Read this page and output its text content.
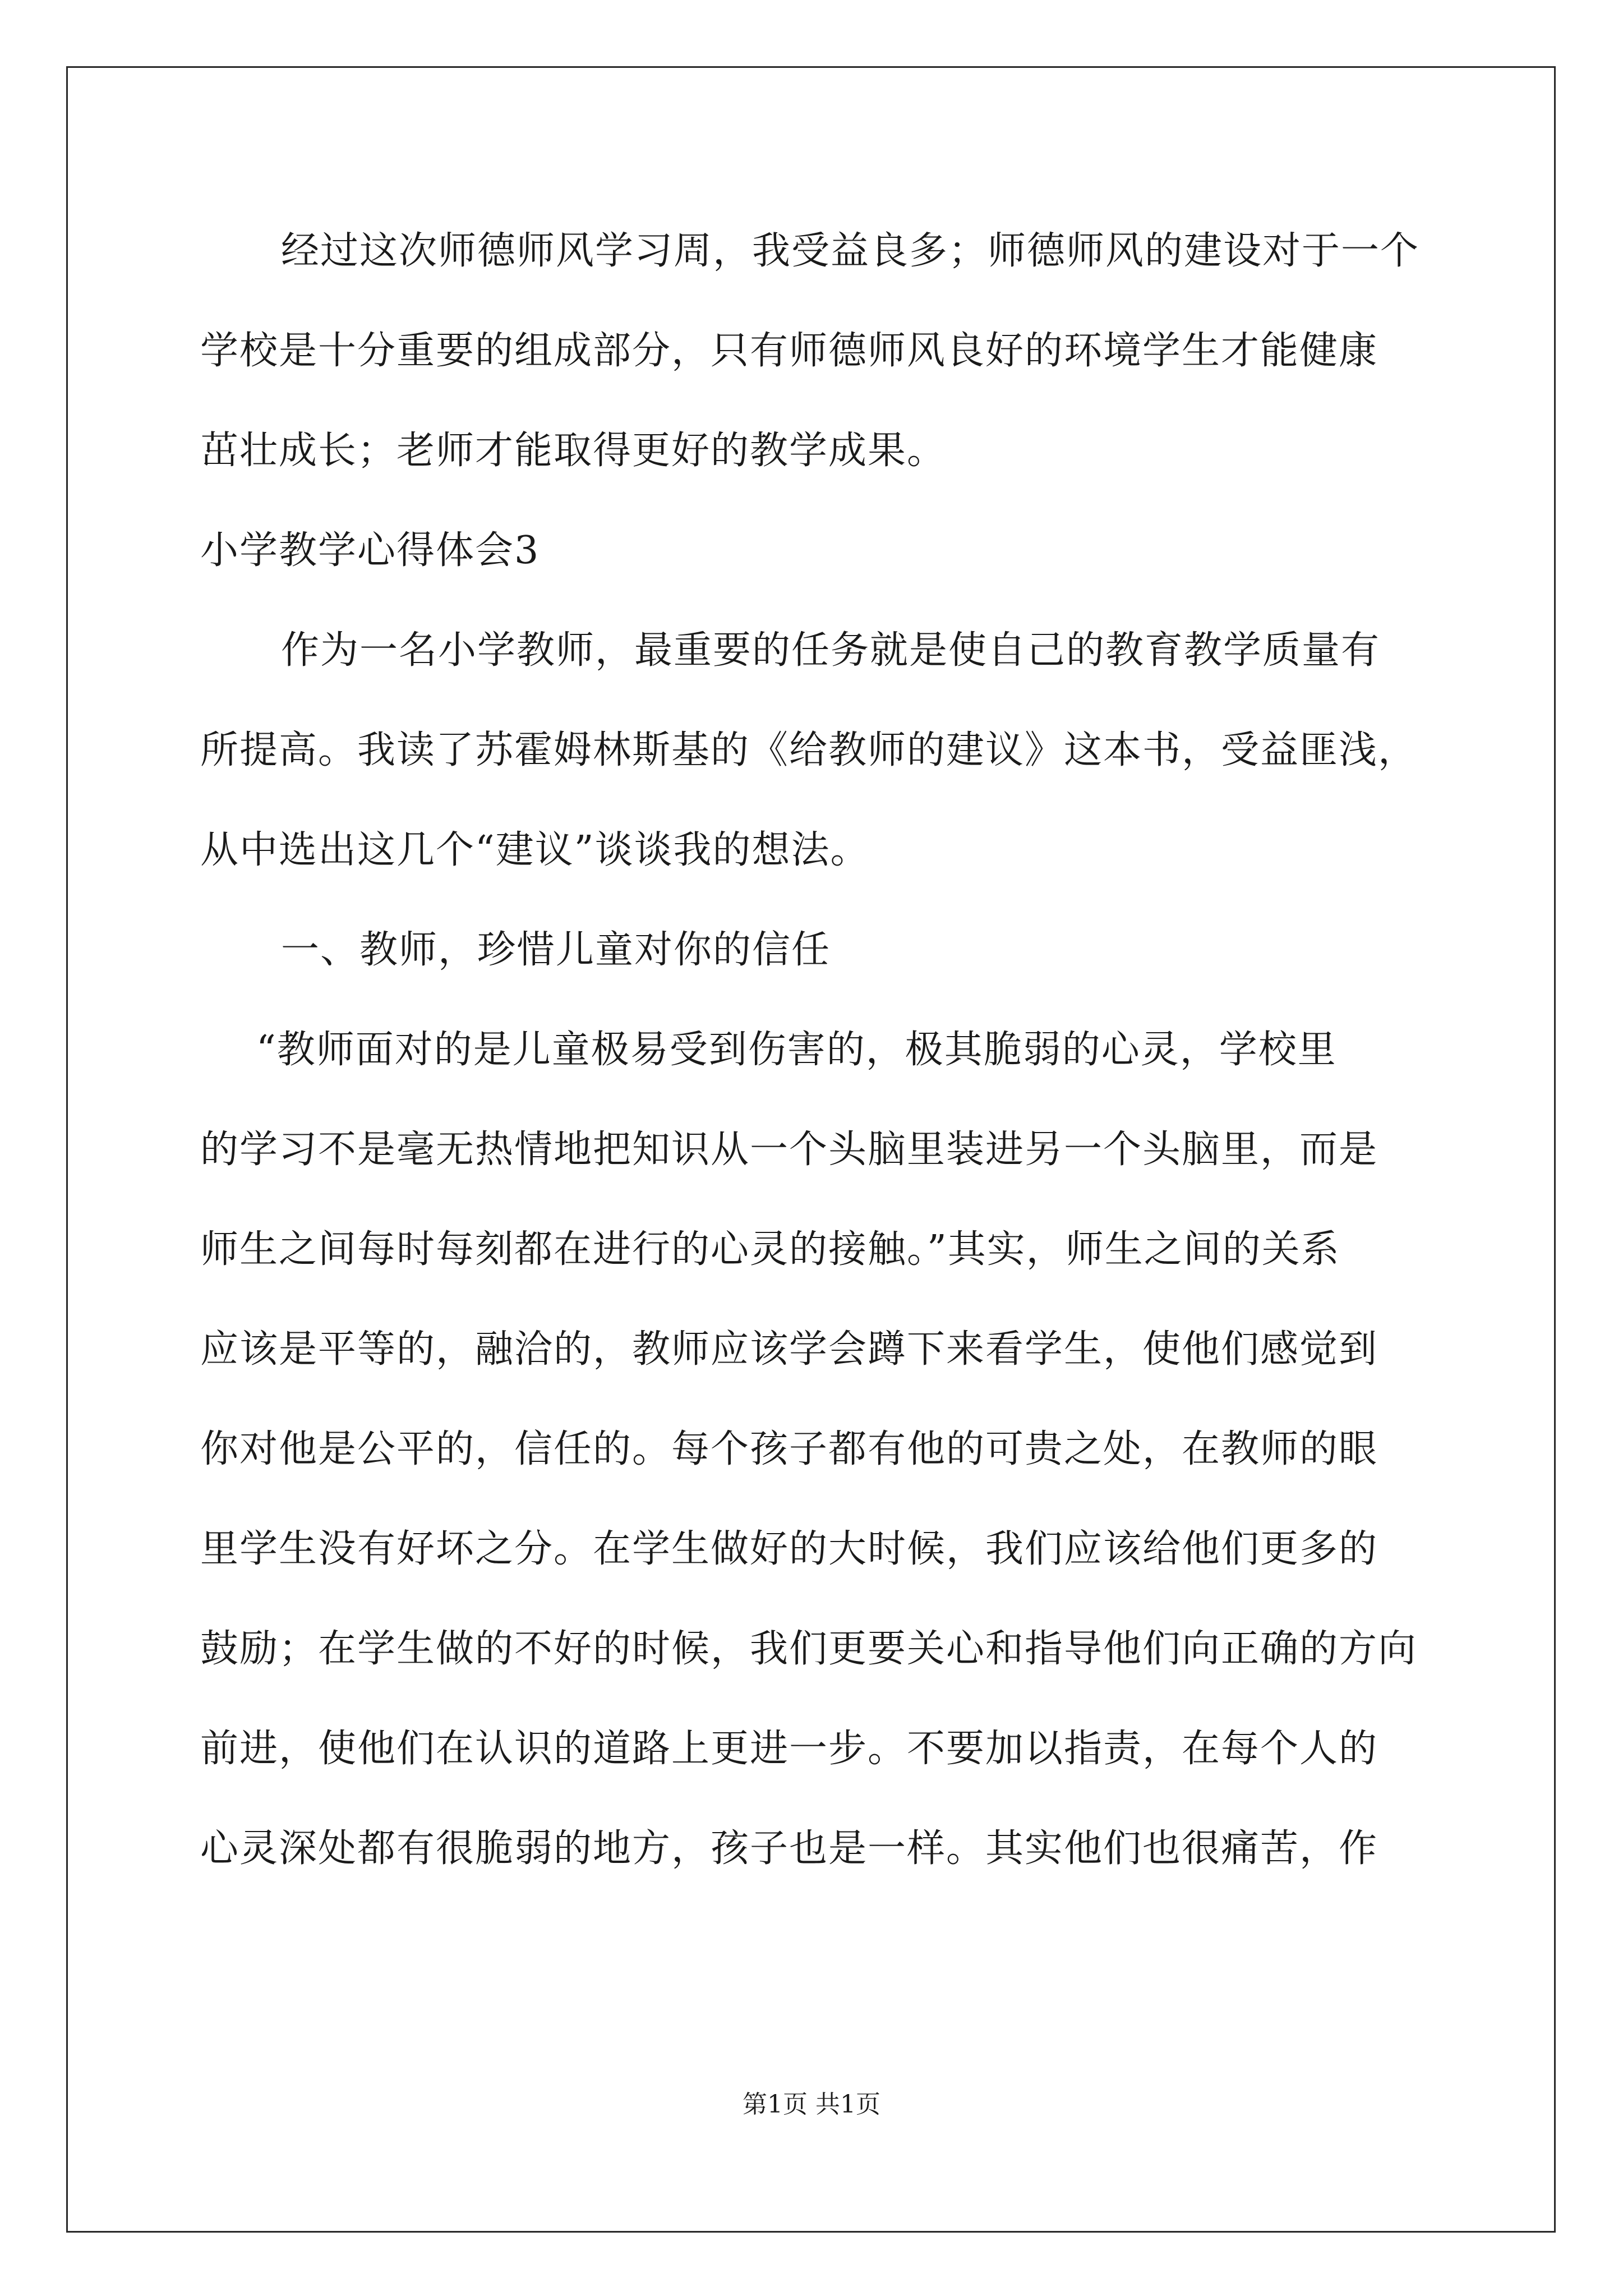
经过这次师德师风学习周，我受益良多；师德师风的建设对于一个
学校是十分重要的组成部分，只有师德师风良好的环境学生才能健康
茁壮成长；老师才能取得更好的教学成果。
小学教学心得体会3
作为一名小学教师，最重要的任务就是使自己的教育教学质量有
所提高。我读了苏霍姆林斯基的《给教师的建议》这本书，受益匪浅，
从中选出这几个“建议”谈谈我的想法。
一、教师，珍惜儿童对你的信任
“教师面对的是儿童极易受到伤害的，极其脆弱的心灵，学校里
的学习不是毫无热情地把知识从一个头脑里装进另一个头脑里，而是
师生之间每时每刻都在进行的心灵的接触。”其实，师生之间的关系
应该是平等的，融洽的，教师应该学会蹲下来看学生，使他们感觉到
你对他是公平的，信任的。每个孩子都有他的可贵之处，在教师的眼
里学生没有好坏之分。在学生做好的大时候，我们应该给他们更多的
鼓励；在学生做的不好的时候，我们更要关心和指导他们向正确的方向
前进，使他们在认识的道路上更进一步。不要加以指责，在每个人的
心灵深处都有很脆弱的地方，孩子也是一样。其实他们也很痛苦，作
第1页 共1页
